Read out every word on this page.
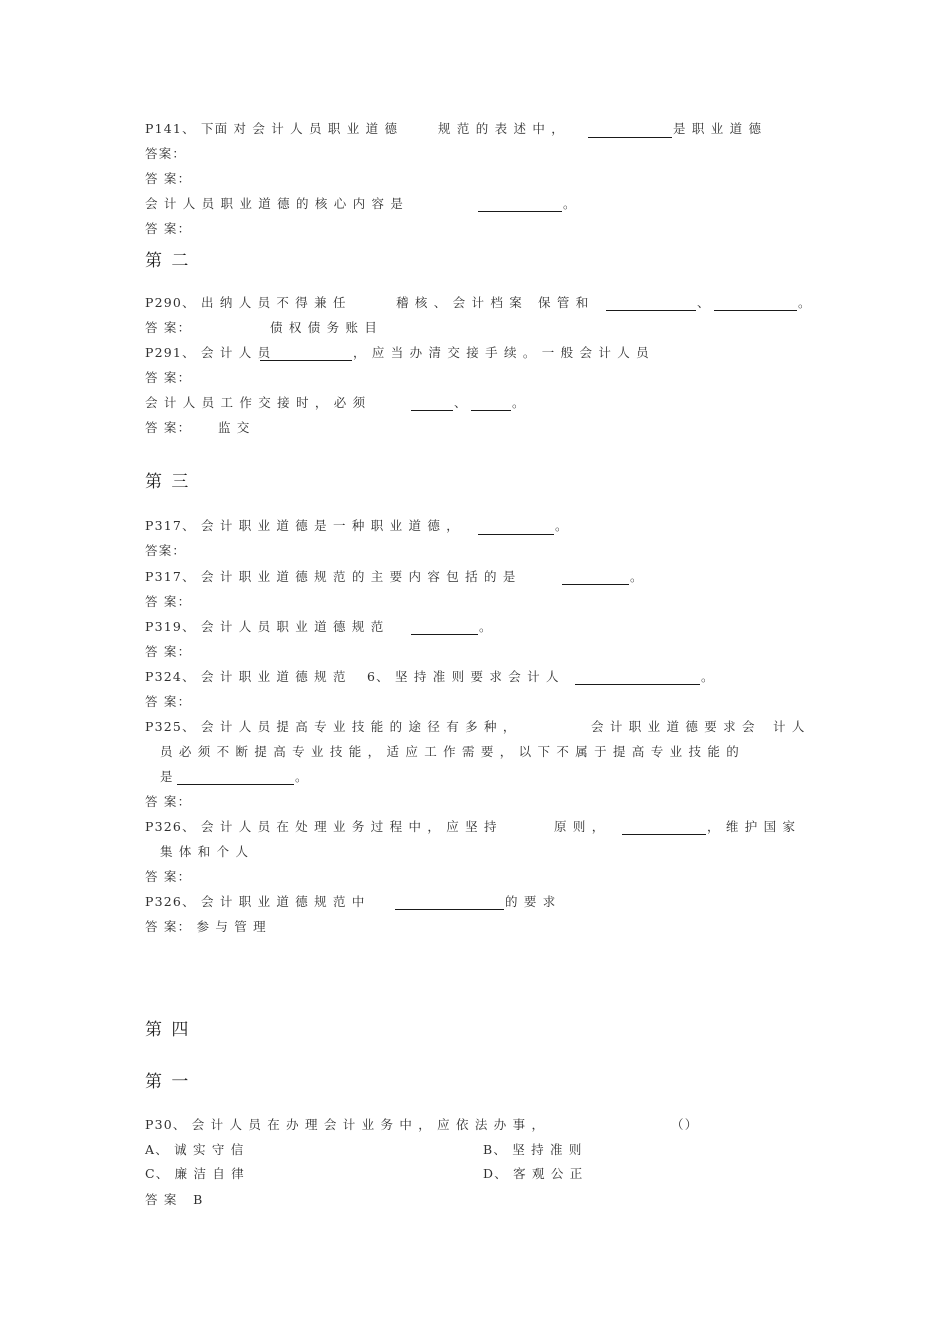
P141、 下面 对 会 计 人 员 职 业 道 德	规 范 的 表 述 中 ，	是 职 业 道 德
答案：
答 案：
会 计 人 员 职 业 道 德 的 核 心 内 容 是	。
答 案：
第 二
P290、 出 纳 人 员 不 得 兼 任	稽 核 、 会 计 档 案 保 管 和	、	。
答 案：	债 权 债 务 账 目
P291、 会 计 人 员	， 应 当 办 清 交 接 手 续 。 一 般 会 计 人 员
答 案：
会 计 人 员 工 作 交 接 时 ， 必 须	、	。
答 案： 监 交
第 三
P317、 会 计 职 业 道 德 是 一 种 职 业 道 德 ，	。
答案：
P317、 会 计 职 业 道 德 规 范 的 主 要 内 容 包 括 的 是	。
答 案：
P319、 会 计 人 员 职 业 道 德 规 范	。
答 案：
P324、 会 计 职 业 道 德 规 范 6、 坚 持 准 则 要 求 会 计 人	。
答 案：
P325、 会 计 人 员 提 高 专 业 技 能 的 途 径 有 多 种 ，	会 计 职 业 道 德 要 求 会 计 人
员 必 须 不 断 提 高 专 业 技 能 ， 适 应 工 作 需 要 ， 以 下 不 属 于 提 高 专 业 技 能 的
是	。
答 案：
P326、 会 计 人 员 在 处 理 业 务 过 程 中 ， 应 坚 持	原 则 ，	， 维 护 国 家
集 体 和 个 人
答 案：
P326、 会 计 职 业 道 德 规 范 中	的 要 求
答 案： 参 与 管 理
第 四
第 一
P30、 会 计 人 员 在 办 理 会 计 业 务 中 ， 应 依 法 办 事 ，	（）
A、 诚 实 守 信	B、 坚 持 准 则
C、 廉 洁 自 律	D、 客 观 公 正
答 案   B
